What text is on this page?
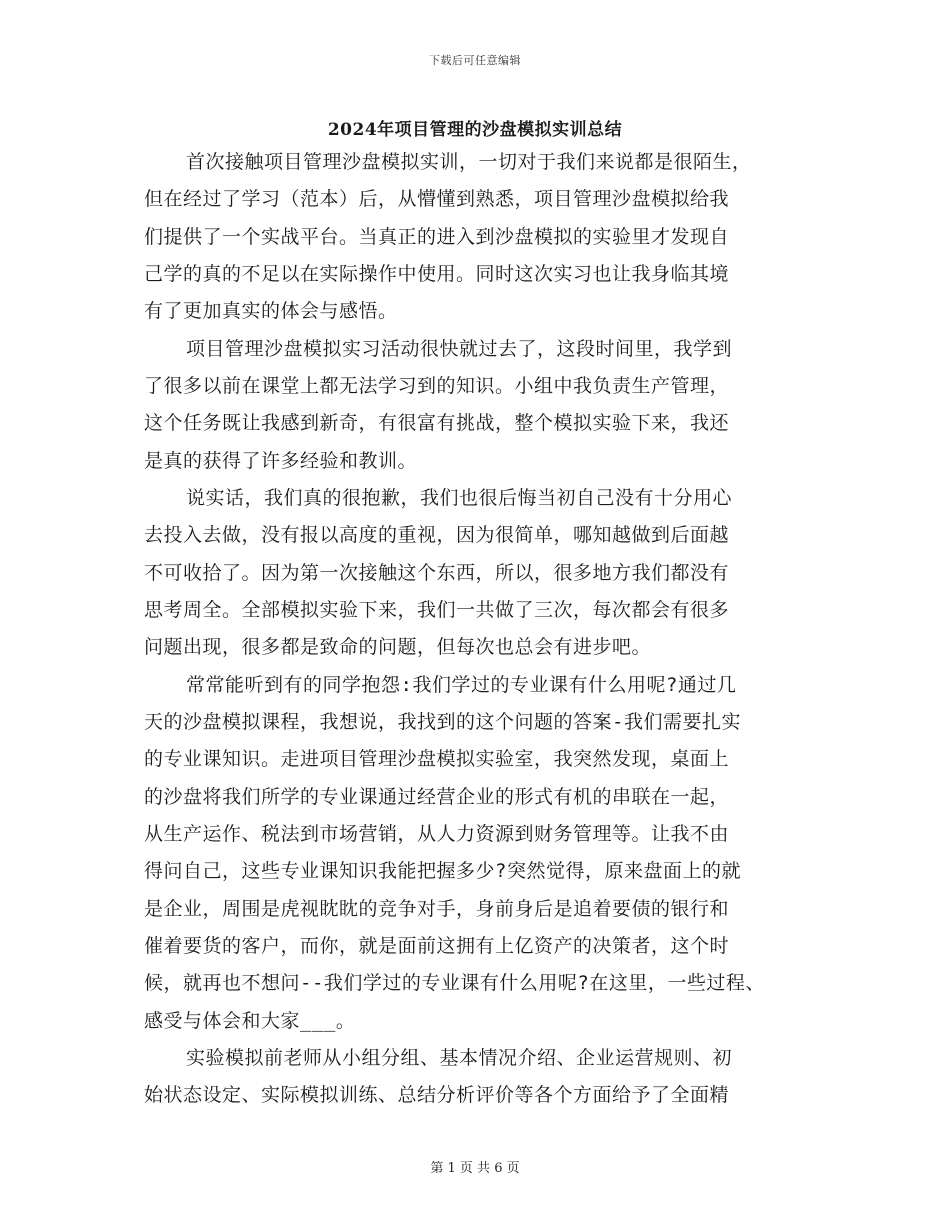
下载后可任意编辑
2024年项目管理的沙盘模拟实训总结
首次接触项目管理沙盘模拟实训，一切对于我们来说都是很陌生，
但在经过了学习（范本）后，从懵懂到熟悉，项目管理沙盘模拟给我
们提供了一个实战平台。当真正的进入到沙盘模拟的实验里才发现自
己学的真的不足以在实际操作中使用。同时这次实习也让我身临其境
有了更加真实的体会与感悟。
项目管理沙盘模拟实习活动很快就过去了，这段时间里，我学到
了很多以前在课堂上都无法学习到的知识。小组中我负责生产管理，
这个任务既让我感到新奇，有很富有挑战，整个模拟实验下来，我还
是真的获得了许多经验和教训。
说实话，我们真的很抱歉，我们也很后悔当初自己没有十分用心
去投入去做，没有报以高度的重视，因为很简单，哪知越做到后面越
不可收拾了。因为第一次接触这个东西，所以，很多地方我们都没有
思考周全。全部模拟实验下来，我们一共做了三次，每次都会有很多
问题出现，很多都是致命的问题，但每次也总会有进步吧。
常常能听到有的同学抱怨:我们学过的专业课有什么用呢?通过几
天的沙盘模拟课程，我想说，我找到的这个问题的答案-我们需要扎实
的专业课知识。走进项目管理沙盘模拟实验室，我突然发现，桌面上
的沙盘将我们所学的专业课通过经营企业的形式有机的串联在一起，
从生产运作、税法到市场营销，从人力资源到财务管理等。让我不由
得问自己，这些专业课知识我能把握多少?突然觉得，原来盘面上的就
是企业，周围是虎视眈眈的竞争对手，身前身后是追着要债的银行和
催着要货的客户，而你，就是面前这拥有上亿资产的决策者，这个时
候，就再也不想问--我们学过的专业课有什么用呢?在这里，一些过程、
感受与体会和大家___。
实验模拟前老师从小组分组、基本情况介绍、企业运营规则、初
始状态设定、实际模拟训练、总结分析评价等各个方面给予了全面精
第 1 页 共 6 页
